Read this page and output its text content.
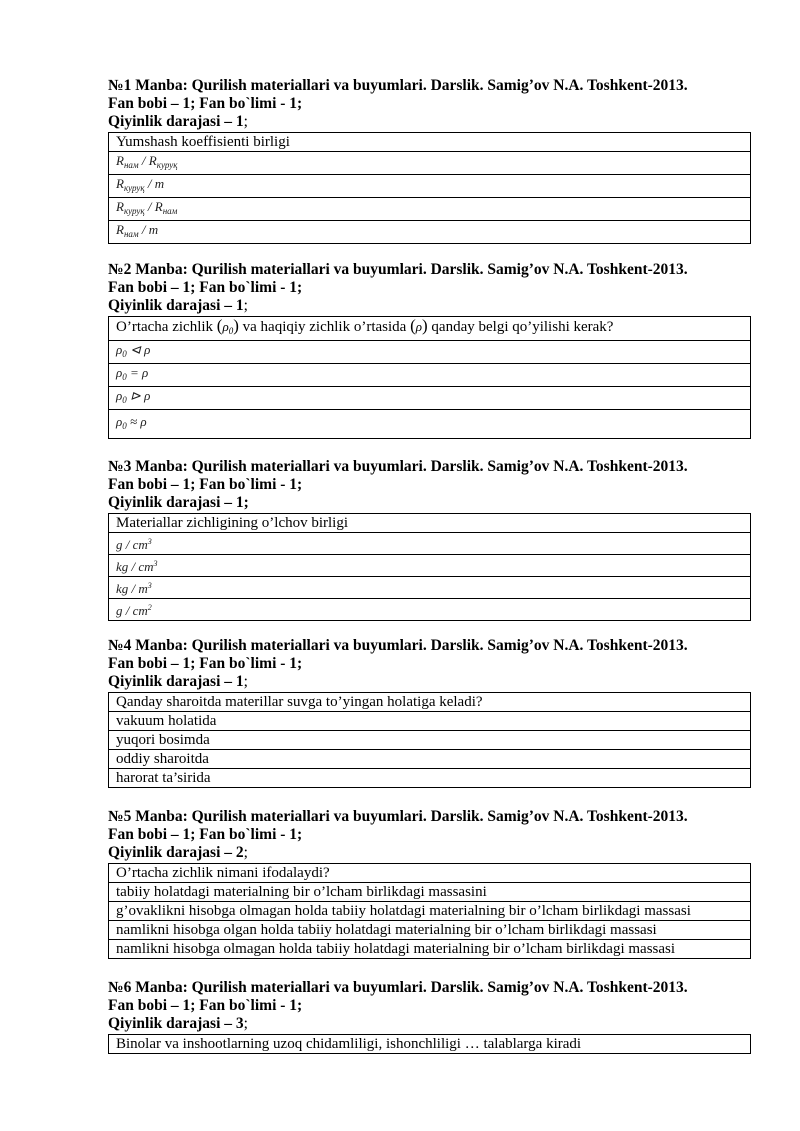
№1 Manba: Qurilish materiallari va buyumlari. Darslik. Samig’ov N.A. Toshkent-2013.

Fan bobi – 1; Fan bo`limi - 1;

Qiyinlik darajasi – 1;

Yumshash koeffisienti birligi
$R_{нам} / R_{куруқ}$
$R_{куруқ}$ / m
$R_{куруқ} / R_{нам}$
$R_{нам}$ / m

№2 Manba: Qurilish materiallari va buyumlari. Darslik. Samig’ov N.A. Toshkent-2013.

Fan bobi – 1; Fan bo`limi - 1;

Qiyinlik darajasi – 1;

O’rtacha zichlik $(\rho_0)$ va haqiqiy zichlik o’rtasida (ρ) qanday belgi qo’yilishi kerak?
$\rho_0$ ⊲ ρ
$\rho_0 = \rho$
$\rho_0$ ⊳ ρ
$\rho_0 \approx \rho$

№3 Manba: Qurilish materiallari va buyumlari. Darslik. Samig’ov N.A. Toshkent-2013.

Fan bobi – 1; Fan bo`limi - 1;

Qiyinlik darajasi – 1;

Materiallar zichligining o’lchov birligi
g / $cm^3$
kg / $cm^3$
kg / $m^3$
g / $cm^2$

№4 Manba: Qurilish materiallari va buyumlari. Darslik. Samig’ov N.A. Toshkent-2013.

Fan bobi – 1; Fan bo`limi - 1;

Qiyinlik darajasi – 1;

Qanday sharoitda materillar suvga to’yingan holatiga keladi?
vakuum holatida
yuqori bosimda
oddiy sharoitda
harorat ta’sirida

№5 Manba: Qurilish materiallari va buyumlari. Darslik. Samig’ov N.A. Toshkent-2013.

Fan bobi – 1; Fan bo`limi - 1;

Qiyinlik darajasi – 2;

O’rtacha zichlik nimani ifodalaydi?
tabiiy holatdagi materialning bir o’lcham birlikdagi massasini
g’ovaklikni hisobga olmagan holda tabiiy holatdagi materialning bir o’lcham birlikdagi massasi
namlikni hisobga olgan holda tabiiy holatdagi materialning bir o’lcham birlikdagi massasi
namlikni hisobga olmagan holda tabiiy holatdagi materialning bir o’lcham birlikdagi massasi

№6 Manba: Qurilish materiallari va buyumlari. Darslik. Samig’ov N.A. Toshkent-2013.

Fan bobi – 1; Fan bo`limi - 1;

Qiyinlik darajasi – 3;

Binolar va inshootlarning uzoq chidamliligi, ishonchliligi … talablarga kiradi
